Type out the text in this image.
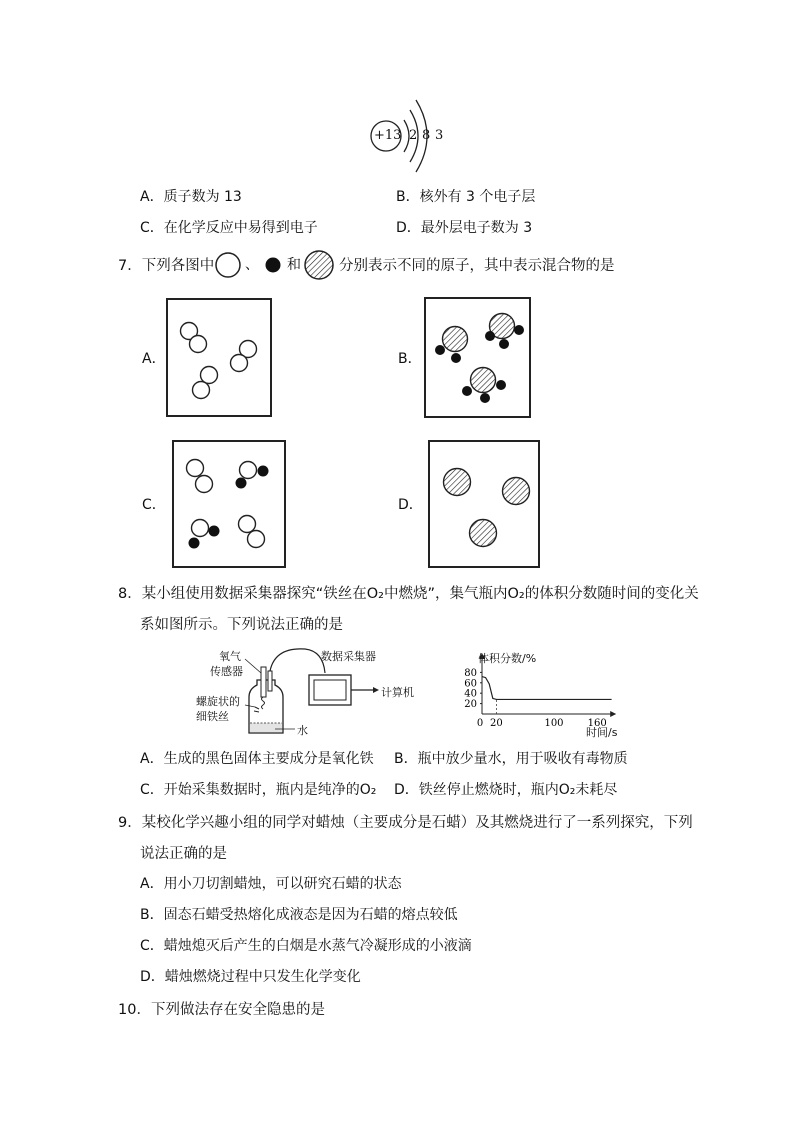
+13 2 8 3
A．质子数为 13	B．核外有 3 个电子层
C．在化学反应中易得到电子	D．最外层电子数为 3
7．下列各图中 、 和	分别表示不同的原子，其中表示混合物的是
A．	B．
C．	D．
8．某小组使用数据采集器探究“铁丝在O₂中燃烧”，集气瓶内O₂的体积分数随时间的变化关
系如图所示。下列说法正确的是
氧气
传感器
数据采集器
计算机
螺旋状的
细铁丝
水
80
60
40
20
0 20	100 160
体积分数/%
时间/s
A．生成的黑色固体主要成分是氧化铁 B．瓶中放少量水，用于吸收有毒物质
C．开始采集数据时，瓶内是纯净的O₂ D．铁丝停止燃烧时，瓶内O₂未耗尽
9．某校化学兴趣小组的同学对蜡烛（主要成分是石蜡）及其燃烧进行了一系列探究，下列
说法正确的是
A．用小刀切割蜡烛，可以研究石蜡的状态
B．固态石蜡受热熔化成液态是因为石蜡的熔点较低
C．蜡烛熄灭后产生的白烟是水蒸气冷凝形成的小液滴
D．蜡烛燃烧过程中只发生化学变化
10．下列做法存在安全隐患的是
